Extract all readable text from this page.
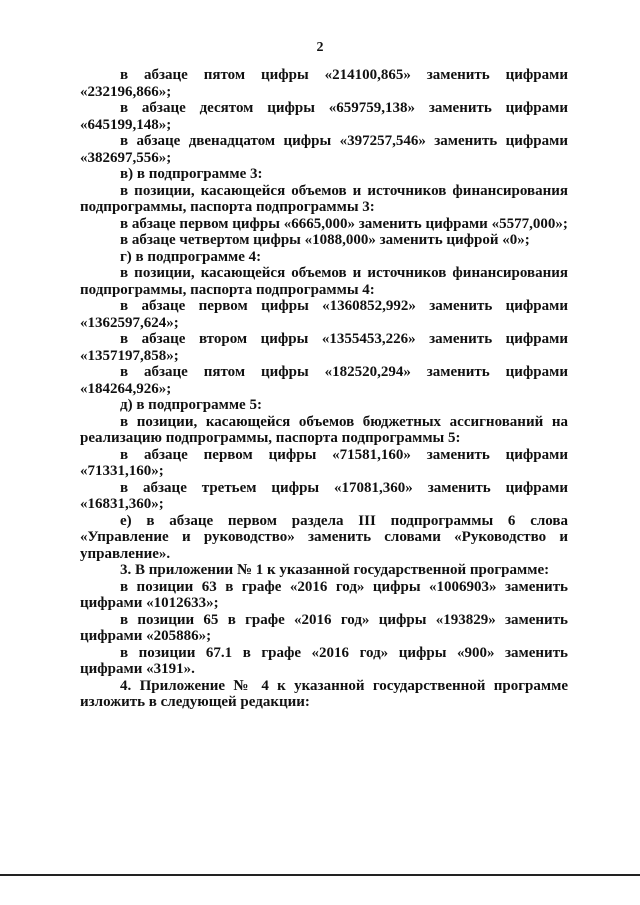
2

в абзаце пятом цифры «214100,865» заменить цифрами «232196,866»;

в абзаце десятом цифры «659759,138» заменить цифрами «645199,148»;

в абзаце двенадцатом цифры «397257,546» заменить цифрами «382697,556»;

в) в подпрограмме 3:

в позиции, касающейся объемов и источников финансирования подпрограммы, паспорта подпрограммы 3:

в абзаце первом цифры «6665,000» заменить цифрами «5577,000»;

в абзаце четвертом цифры «1088,000» заменить цифрой «0»;

г) в подпрограмме 4:

в позиции, касающейся объемов и источников финансирования подпрограммы, паспорта подпрограммы 4:

в абзаце первом цифры «1360852,992» заменить цифрами «1362597,624»;

в абзаце втором цифры «1355453,226» заменить цифрами «1357197,858»;

в абзаце пятом цифры «182520,294» заменить цифрами «184264,926»;

д) в подпрограмме 5:

в позиции, касающейся объемов бюджетных ассигнований на реализацию подпрограммы, паспорта подпрограммы 5:

в абзаце первом цифры «71581,160» заменить цифрами «71331,160»;

в абзаце третьем цифры «17081,360» заменить цифрами «16831,360»;

е) в абзаце первом раздела III подпрограммы 6 слова «Управление и руководство» заменить словами «Руководство и управление».

3. В приложении № 1 к указанной государственной программе:

в позиции 63 в графе «2016 год» цифры «1006903» заменить цифрами «1012633»;

в позиции 65 в графе «2016 год» цифры «193829» заменить цифрами «205886»;

в позиции 67.1 в графе «2016 год» цифры «900» заменить цифрами «3191».

4. Приложение № 4 к указанной государственной программе изложить в следующей редакции:
